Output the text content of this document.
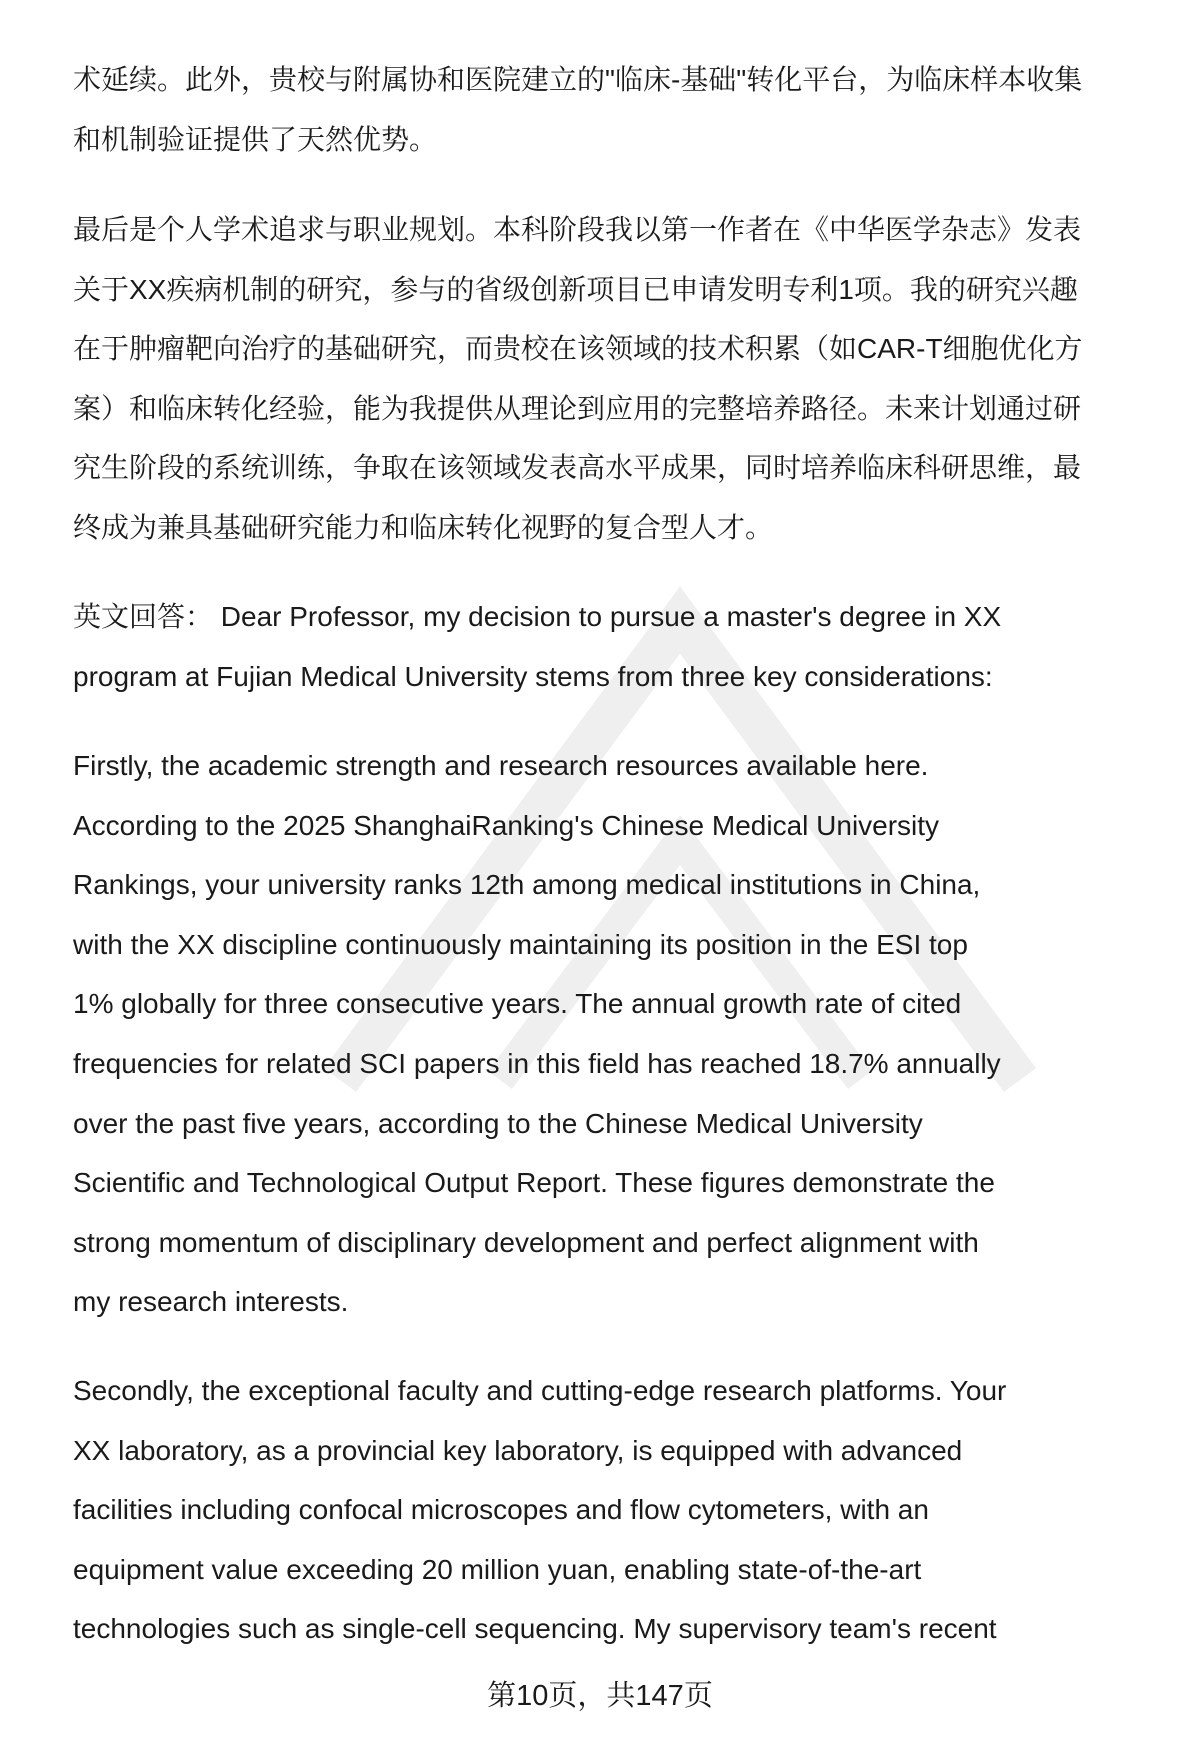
术延续。此外，贵校与附属协和医院建立的"临床-基础"转化平台，为临床样本收集
和机制验证提供了天然优势。
最后是个人学术追求与职业规划。本科阶段我以第一作者在《中华医学杂志》发表
关于XX疾病机制的研究，参与的省级创新项目已申请发明专利1项。我的研究兴趣
在于肿瘤靶向治疗的基础研究，而贵校在该领域的技术积累（如CAR-T细胞优化方
案）和临床转化经验，能为我提供从理论到应用的完整培养路径。未来计划通过研
究生阶段的系统训练，争取在该领域发表高水平成果，同时培养临床科研思维，最
终成为兼具基础研究能力和临床转化视野的复合型人才。
英文回答： Dear Professor, my decision to pursue a master's degree in XX
program at Fujian Medical University stems from three key considerations:
Firstly, the academic strength and research resources available here.
According to the 2025 ShanghaiRanking's Chinese Medical University
Rankings, your university ranks 12th among medical institutions in China,
with the XX discipline continuously maintaining its position in the ESI top
1% globally for three consecutive years. The annual growth rate of cited
frequencies for related SCI papers in this field has reached 18.7% annually
over the past five years, according to the Chinese Medical University
Scientific and Technological Output Report. These figures demonstrate the
strong momentum of disciplinary development and perfect alignment with
my research interests.
Secondly, the exceptional faculty and cutting-edge research platforms. Your
XX laboratory, as a provincial key laboratory, is equipped with advanced
facilities including confocal microscopes and flow cytometers, with an
equipment value exceeding 20 million yuan, enabling state-of-the-art
technologies such as single-cell sequencing. My supervisory team's recent
第10页，共147页
